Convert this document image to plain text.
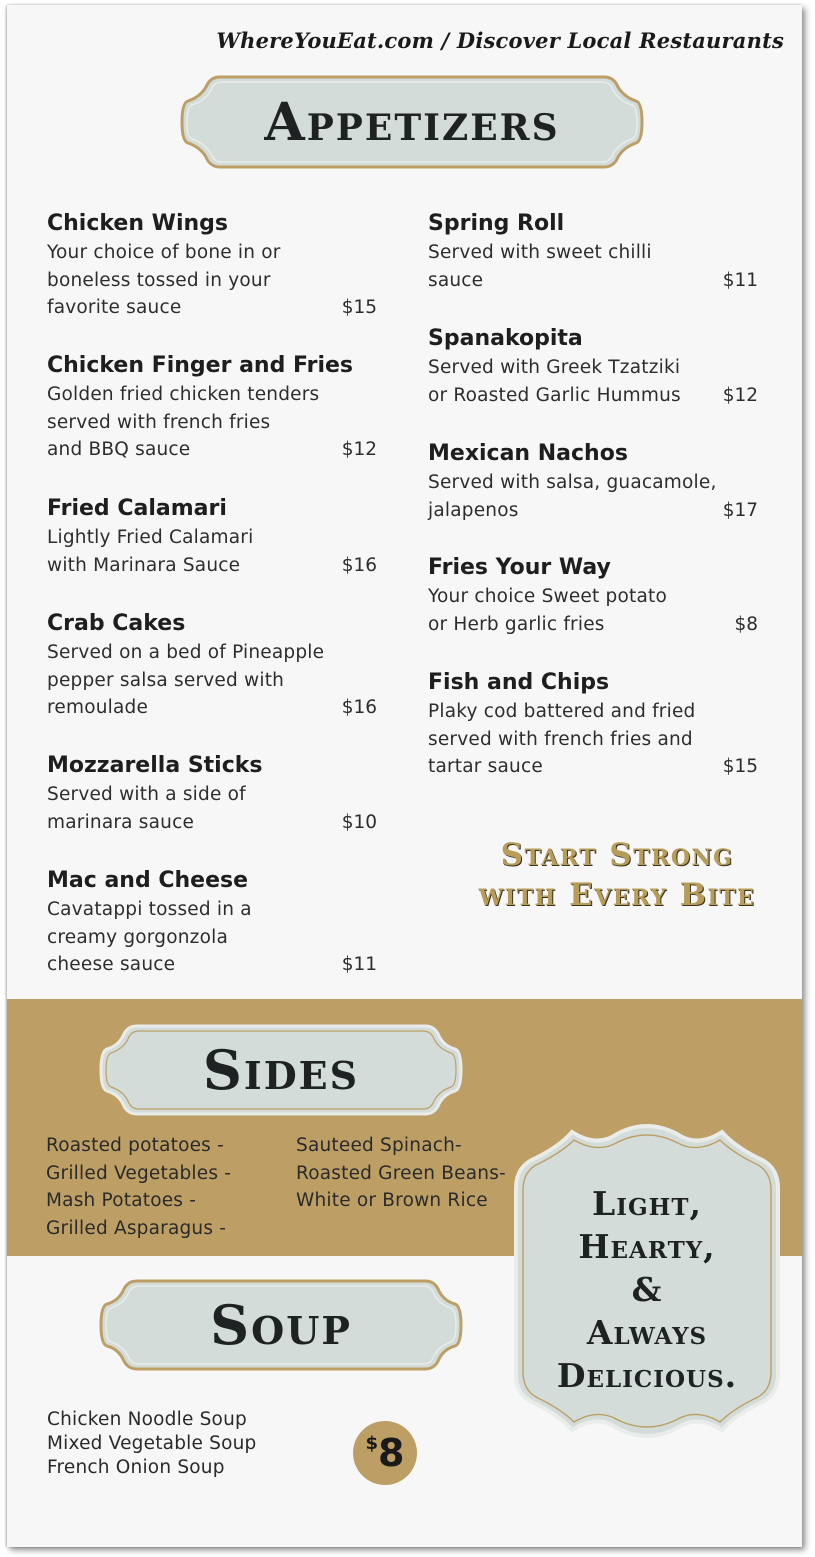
WhereYouEat.com / Discover Local Restaurants
Appetizers
Chicken Wings
Your choice of bone in or
boneless tossed in your
favorite sauce	$15
Chicken Finger and Fries
Golden fried chicken tenders
served with french fries
and BBQ sauce	$12
Fried Calamari
Lightly Fried Calamari
with Marinara Sauce	$16
Crab Cakes
Served on a bed of Pineapple
pepper salsa served with
remoulade	$16
Mozzarella Sticks
Served with a side of
marinara sauce	$10
Mac and Cheese
Cavatappi tossed in a
creamy gorgonzola
cheese sauce	$11
Spring Roll
Served with sweet chilli
sauce	$11
Spanakopita
Served with Greek Tzatziki
or Roasted Garlic Hummus	$12
Mexican Nachos
Served with salsa, guacamole,
jalapenos	$17
Fries Your Way
Your choice Sweet potato
or Herb garlic fries	$8
Fish and Chips
Plaky cod battered and fried
served with french fries and
tartar sauce	$15
Start Strong
with Every Bite
Sides
Roasted potatoes -
Grilled Vegetables -
Mash Potatoes -
Grilled Asparagus -
Sauteed Spinach-
Roasted Green Beans-
White or Brown Rice
Soup
Chicken Noodle Soup
Mixed Vegetable Soup
French Onion Soup
$ 8
Light,
Hearty,
&
Always
Delicious.
